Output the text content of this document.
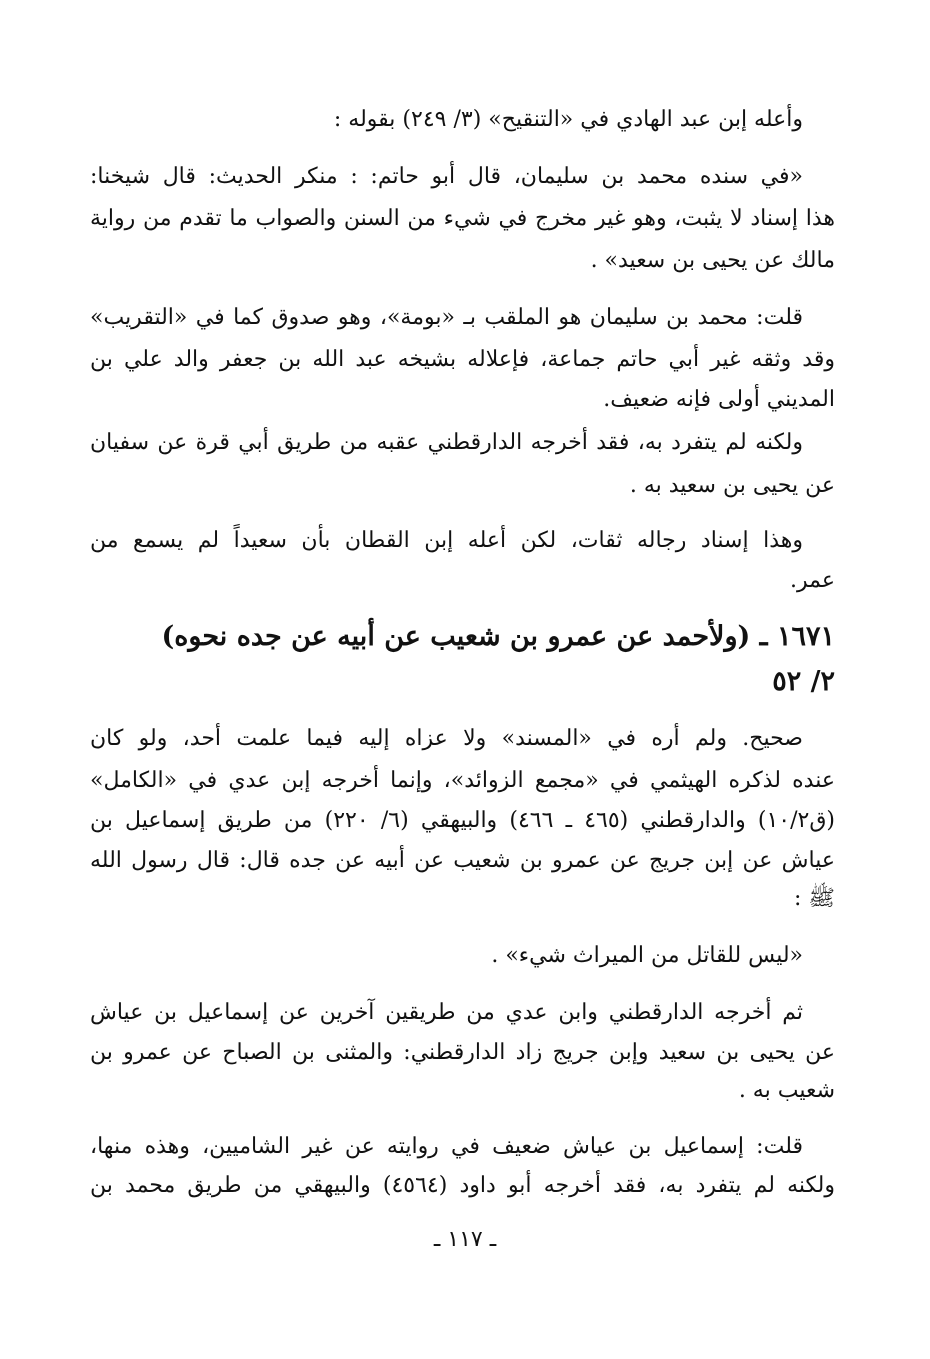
وأعله إبن عبد الهادي في «التنقيح» (٣/ ٢٤٩) بقوله :
«في سنده محمد بن سليمان، قال أبو حاتم: : منكر الحديث: قال شيخنا:
هذا إسناد لا يثبت، وهو غير مخرج في شيء من السنن والصواب ما تقدم من رواية
مالك عن يحيى بن سعيد» .
قلت: محمد بن سليمان هو الملقب بـ «بومة»، وهو صدوق كما في «التقريب»
وقد وثقه غير أبي حاتم جماعة، فإعلاله بشيخه عبد الله بن جعفر والد علي بن
المديني أولى فإنه ضعيف.
ولكنه لم يتفرد به، فقد أخرجه الدارقطني عقبه من طريق أبي قرة عن سفيان
عن يحيى بن سعيد به .
وهذا إسناد رجاله ثقات، لكن أعله إبن القطان بأن سعيداً لم يسمع من
عمر.
١٦٧١ ـ (ولأحمد عن عمرو بن شعيب عن أبيه عن جده نحوه)
٢/ ٥٢
صحيح. ولم أره في «المسند» ولا عزاه إليه فيما علمت أحد، ولو كان
عنده لذكره الهيثمي في «مجمع الزوائد»، وإنما أخرجه إبن عدي في «الكامل»
(ق١٠/٢) والدارقطني (٤٦٥ ـ ٤٦٦) والبيهقي (٦/ ٢٢٠) من طريق إسماعيل بن
عياش عن إبن جريج عن عمرو بن شعيب عن أبيه عن جده قال: قال رسول الله
ﷺ :
«ليس للقاتل من الميراث شيء» .
ثم أخرجه الدارقطني وابن عدي من طريقين آخرين عن إسماعيل بن عياش
عن يحيى بن سعيد وإبن جريج زاد الدارقطني: والمثنى بن الصباح عن عمرو بن
شعيب به .
قلت: إسماعيل بن عياش ضعيف في روايته عن غير الشاميين، وهذه منها،
ولكنه لم يتفرد به، فقد أخرجه أبو داود (٤٥٦٤) والبيهقي من طريق محمد بن
ـ ١١٧ ـ
